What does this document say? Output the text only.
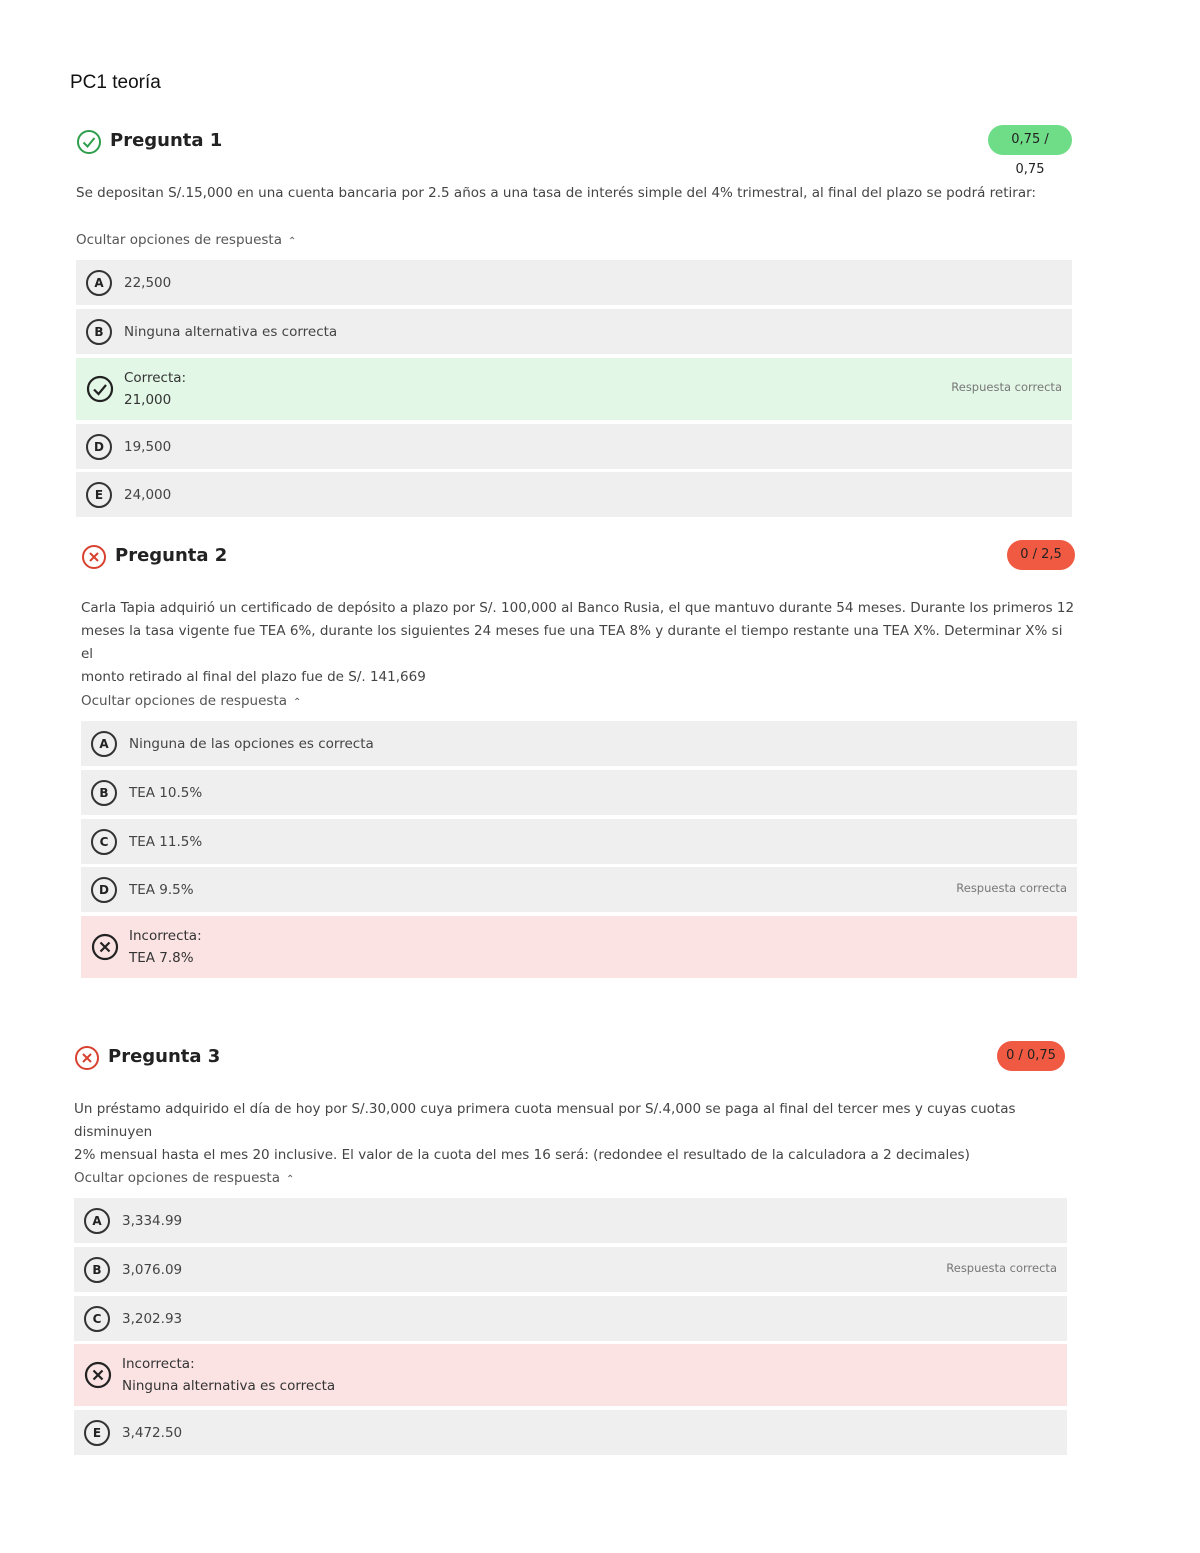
PC1 teoría
Pregunta 1	0,75 / 0,75
Se depositan S/.15,000 en una cuenta bancaria por 2.5 años a una tasa de interés simple del 4% trimestral, al final del plazo se podrá retirar:
Ocultar opciones de respuesta ⌃
A	22,500
B	Ninguna alternativa es correcta
Correcta:
21,000
Respuesta correcta
D	19,500
E	24,000
Pregunta 2	0 / 2,5
Carla Tapia adquirió un certificado de depósito a plazo por S/. 100,000 al Banco Rusia, el que mantuvo durante 54 meses. Durante los primeros 12
meses la tasa vigente fue TEA 6%, durante los siguientes 24 meses fue una TEA 8% y durante el tiempo restante una TEA X%. Determinar X% si el
monto retirado al final del plazo fue de S/. 141,669
Ocultar opciones de respuesta ⌃
A	Ninguna de las opciones es correcta
B	TEA 10.5%
C	TEA 11.5%
D	TEA 9.5%	Respuesta correcta
Incorrecta:
TEA 7.8%
Pregunta 3	0 / 0,75
Un préstamo adquirido el día de hoy por S/.30,000 cuya primera cuota mensual por S/.4,000 se paga al final del tercer mes y cuyas cuotas disminuyen
2% mensual hasta el mes 20 inclusive. El valor de la cuota del mes 16 será: (redondee el resultado de la calculadora a 2 decimales)
Ocultar opciones de respuesta ⌃
A	3,334.99
B	3,076.09	Respuesta correcta
C	3,202.93
Incorrecta:
Ninguna alternativa es correcta
E	3,472.50
